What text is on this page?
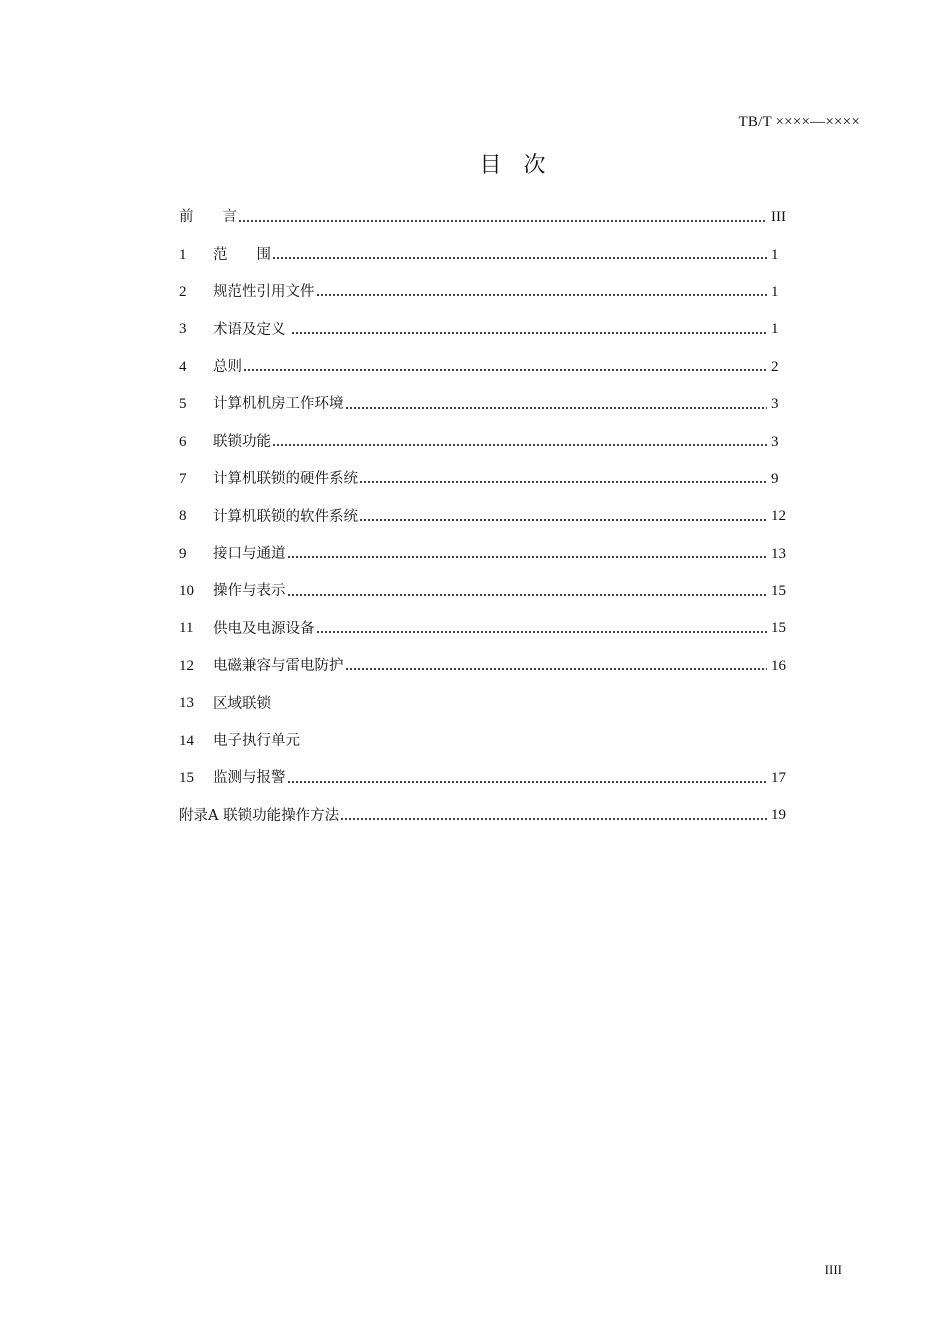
TB/T ××××—××××
目　次
前　　言	III
1	范　　围	1
2	规范性引用文件	1
3	术语及定义	1
4	总则	2
5	计算机机房工作环境	3
6	联锁功能	3
7	计算机联锁的硬件系统	9
8	计算机联锁的软件系统	12
9	接口与通道	13
10	操作与表示	15
11	供电及电源设备	15
12	电磁兼容与雷电防护	16
13	区域联锁
14	电子执行单元
15	监测与报警	17
附录A 联锁功能操作方法	19
IIII
